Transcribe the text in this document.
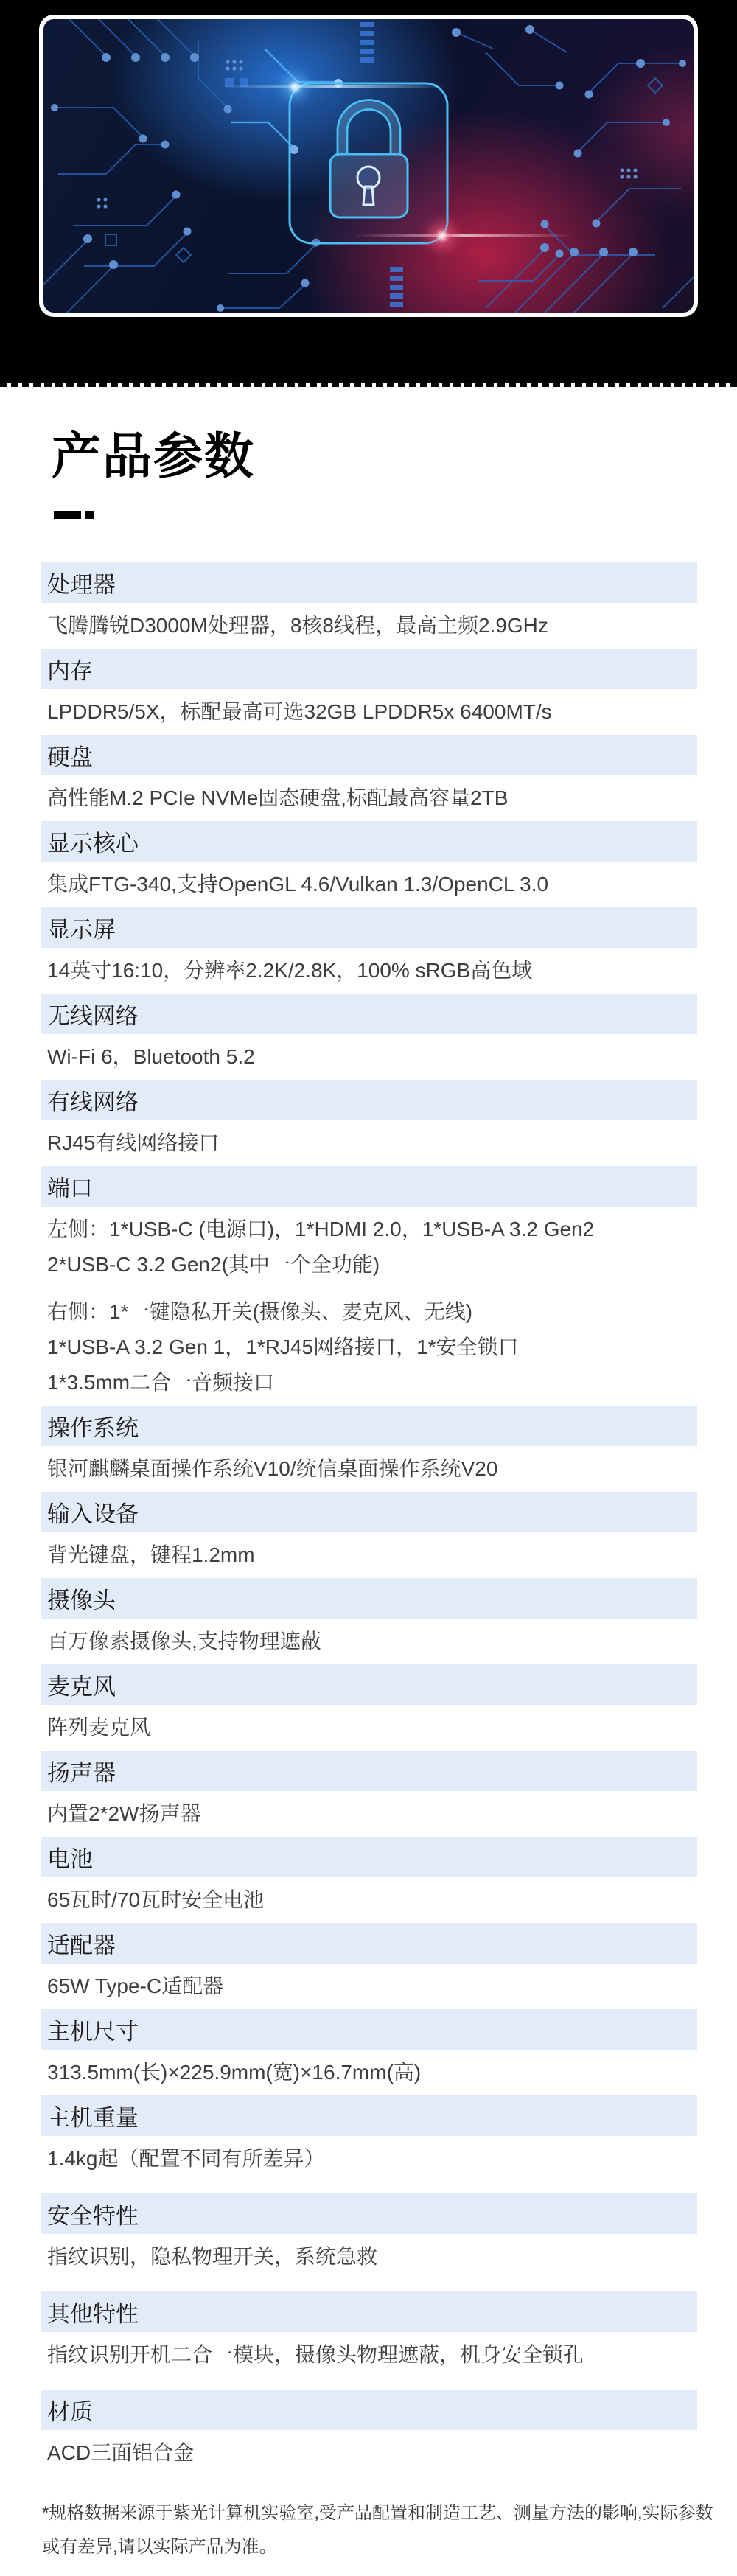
产品参数
处理器
飞腾腾锐D3000M处理器，8核8线程，最高主频2.9GHz
内存
LPDDR5/5X，标配最高可选32GB LPDDR5x 6400MT/s
硬盘
高性能M.2 PCIe NVMe固态硬盘,标配最高容量2TB
显示核心
集成FTG-340,支持OpenGL 4.6/Vulkan 1.3/OpenCL 3.0
显示屏
14英寸16:10，分辨率2.2K/2.8K，100% sRGB高色域
无线网络
Wi-Fi 6，Bluetooth 5.2
有线网络
RJ45有线网络接口
端口
左侧：1*USB-C (电源口)，1*HDMI 2.0，1*USB-A 3.2 Gen2
2*USB-C 3.2 Gen2(其中一个全功能)
右侧：1*一键隐私开关(摄像头、麦克风、无线)
1*USB-A 3.2 Gen 1，1*RJ45网络接口，1*安全锁口
1*3.5mm二合一音频接口
操作系统
银河麒麟桌面操作系统V10/统信桌面操作系统V20
输入设备
背光键盘，键程1.2mm
摄像头
百万像素摄像头,支持物理遮蔽
麦克风
阵列麦克风
扬声器
内置2*2W扬声器
电池
65瓦时/70瓦时安全电池
适配器
65W Type-C适配器
主机尺寸
313.5mm(长)×225.9mm(宽)×16.7mm(高)
主机重量
1.4kg起（配置不同有所差异）
安全特性
指纹识别，隐私物理开关，系统急救
其他特性
指纹识别开机二合一模块，摄像头物理遮蔽，机身安全锁孔
材质
ACD三面铝合金
*规格数据来源于紫光计算机实验室,受产品配置和制造工艺、测量方法的影响,实际参数
或有差异,请以实际产品为准。
